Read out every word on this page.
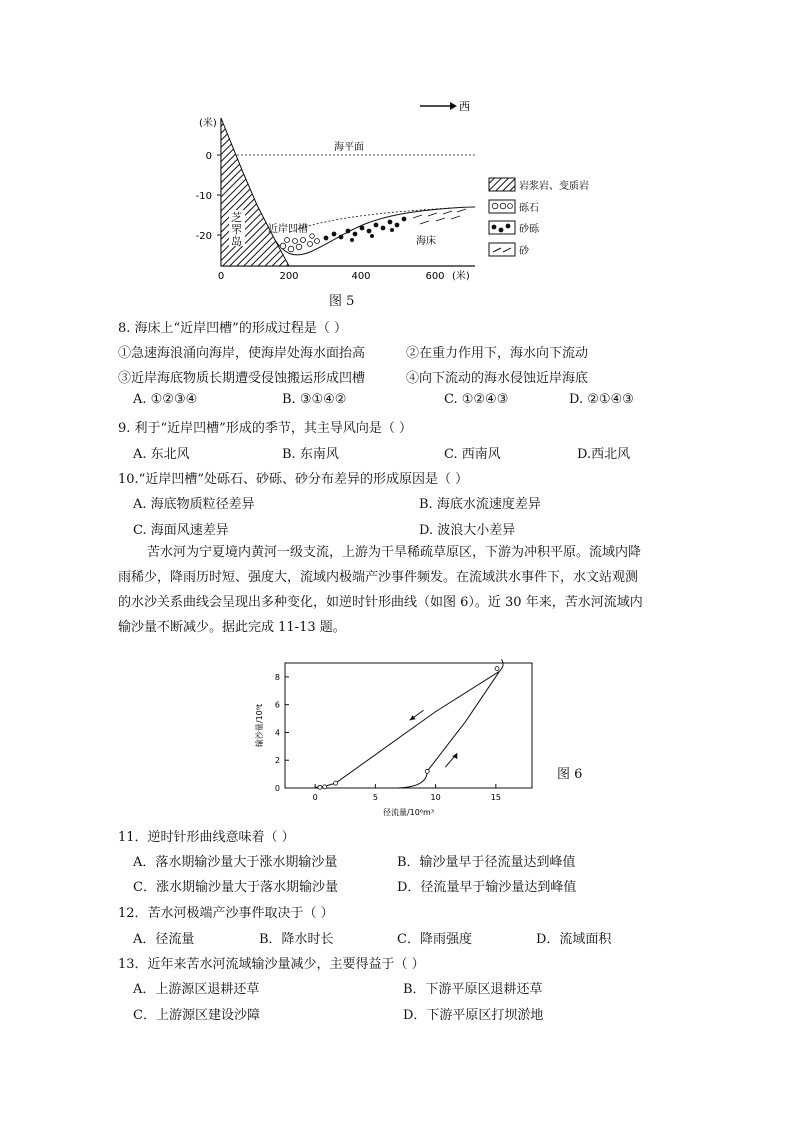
西
(米)
0
-10
-20
0	200	400	600 (米)
海平面
芝
罘
岛
近岸凹槽
海床
岩浆岩、变质岩
砾石
砂砾
砂
图 5
8. 海床上“近岸凹槽”的形成过程是（ ）
①急速海浪涌向海岸，使海岸处海水面抬高	②在重力作用下，海水向下流动
③近岸海底物质长期遭受侵蚀搬运形成凹槽	④向下流动的海水侵蚀近岸海底
A. ①②③④	B. ③①④②	C. ①②④③	D. ②①④③
9. 利于“近岸凹槽”形成的季节，其主导风向是（ ）
A. 东北风	B. 东南风	C. 西南风	D.西北风
10.“近岸凹槽”处砾石、砂砾、砂分布差异的形成原因是（ ）
A. 海底物质粒径差异	B. 海底水流速度差异
C. 海面风速差异	D. 波浪大小差异
苦水河为宁夏境内黄河一级支流，上游为干旱稀疏草原区，下游为冲积平原。流域内降
雨稀少，降雨历时短、强度大，流域内极端产沙事件频发。在流域洪水事件下，水文站观测
的水沙关系曲线会呈现出多种变化，如逆时针形曲线（如图 6）。近 30 年来，苦水河流域内
输沙量不断减少。据此完成 11-13 题。
0	5	10	15
0
2
4
6
8
径流量/10⁶m³
输沙量/10⁶t
图 6
11．逆时针形曲线意味着（ ）
A．落水期输沙量大于涨水期输沙量	B．输沙量早于径流量达到峰值
C．涨水期输沙量大于落水期输沙量	D．径流量早于输沙量达到峰值
12．苦水河极端产沙事件取决于（ ）
A．径流量	B．降水时长	C．降雨强度	D．流域面积
13．近年来苦水河流域输沙量减少，主要得益于（ ）
A．上游源区退耕还草	B．下游平原区退耕还草
C．上游源区建设沙障	D．下游平原区打坝淤地
